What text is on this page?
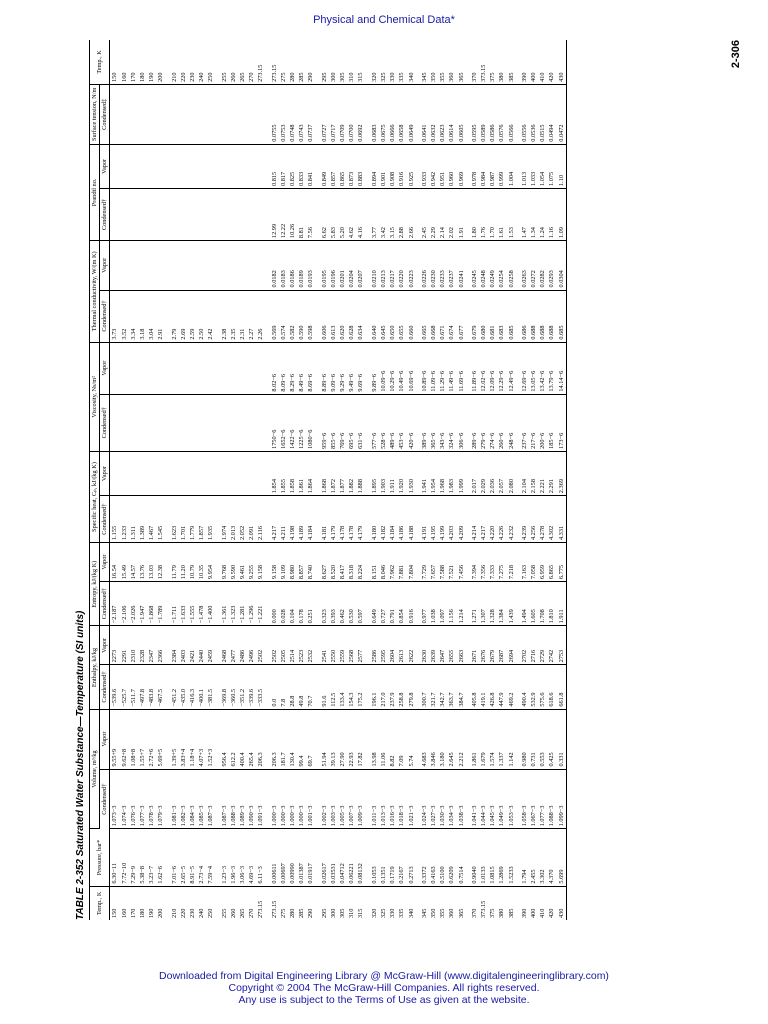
Physical and Chemical Data*
TABLE 2-352 Saturated Water Substance—Temperature (SI units) Temp., K	Pressure, bar*	Volume, m³/kg		Enthalpy, kJ/kg		Entropy, kJ/(kg K)		Specific heat, Cₚ, kJ/(kg K)		Viscosity, Ns/m²		Thermal conductivity, W/(m K)		Prandtl no.		Surface tension, N/m	Temp., K
		Condensed†	Vapor	Condensed†	Vapor	Condensed†	Vapor	Condensed†	Vapor	Condensed†	Vapor	Condensed†	Vapor	Condensed†	Vapor	Condensed‡	
150	6.30−11	1.073−3	9.55+9	−539.6	2273	−2.187	16.54	1.155				3.73					150
160	7.72−10	1.074−3	9.62+8	−525.7	2291	−2.106	15.49	1.233				3.52					160
170	7.29−9	1.076−3	1.08+8	−511.7	2310	−2.026	14.57	1.311				3.34					170
180	5.38−8	1.077−3	1.55+7	−497.8	2328	−1.947	13.76	1.389				3.18					180
190	3.23−7	1.078−3	2.72+6	−483.8	2347	−1.868	13.03	1.467				3.04					190
200	1.62−6	1.079−3	5.69+5	−467.5	2366	−1.789	12.38	1.545				2.91					200
210	7.01−6	1.081−3	1.39+5	−451.2	2384	−1.711	11.79	1.623				2.79					210
220	2.65−5	1.082−3	3.83+4	−435.0	2403	−1.633	11.20	1.701				2.69					220
230	8.91−5	1.084−3	1.18+4	−416.3	2421	−1.555	10.79	1.779				2.59					230
240	2.73−4	1.085−3	4.07+3	−400.1	2440	−1.478	10.35	1.857				2.50					240
250	7.59−4	1.087−3	1.52+3	−381.5	2459	−1.400	9.954	1.935				2.42					250
255	1.23−3	1.087−3	956.4	−369.8	2468	−1.361	9.768	1.974				2.38					255
260	1.96−3	1.088−3	612.2	−360.5	2477	−1.323	9.590	2.013				2.35					260
265	3.06−3	1.089−3	400.4	−351.2	2486	−1.281	9.461	2.052				2.31					265
270	4.69−3	1.090−3	265.4	−339.6	2496	−1.296	9.255	2.091				2.27					270
273.15	6.11−3	1.091−3	206.3	−333.5	2502	−1.221	9.158	2.116				2.26					273.15
273.15	0.00611	1.000−3	206.3	0.0	2502	0.000	9.158	4.217	1.854	1750−6	8.02−6	0.569	0.0182	12.99	0.815	0.0755	273.15
275	0.00697	1.000−3	181.7	7.8	2505	0.028	9.109	4.211	1.855	1652−6	8.09−6	0.574	0.0183	12.22	0.817	0.0753	275
280	0.00990	1.000−3	130.4	28.8	2514	0.104	8.980	4.198	1.858	1422−6	8.29−6	0.582	0.0186	10.26	0.825	0.0748	280
285	0.01387	1.000−3	99.4	49.8	2523	0.178	8.857	4.189	1.861	1225−6	8.49−6	0.590	0.0189	8.81	0.833	0.0743	285
290	0.01917	1.001−3	69.7	70.7	2532	0.251	8.740	4.184	1.864	1080−6	8.69−6	0.598	0.0193	7.56	0.841	0.0737	290
295	0.02617	1.002−3	51.94	91.6	2541	0.323	8.627	4.181	1.868	959−6	8.89−6	0.606	0.0195	6.62	0.849	0.0727	295
300	0.03531	1.003−3	39.13	112.5	2550	0.393	8.520	4.179	1.872	855−6	9.09−6	0.613	0.0196	5.83	0.857	0.0717	300
305	0.04712	1.005−3	27.90	133.4	2559	0.462	8.417	4.178	1.877	769−6	9.29−6	0.620	0.0201	5.20	0.865	0.0709	305
310	0.06221	1.007−3	22.93	154.3	2568	0.530	8.318	4.178	1.882	695−6	9.49−6	0.628	0.0204	4.62	0.873	0.0700	310
315	0.08132	1.009−3	17.82	175.2	2577	0.597	8.224	4.179	1.888	631−6	9.69−6	0.634	0.0207	4.16	0.883	0.0692	315
320	0.1053	1.011−3	13.98	196.1	2586	0.649	8.151	4.180	1.895	577−6	9.89−6	0.640	0.0210	3.77	0.894	0.0683	320
325	0.1351	1.013−3	11.06	217.0	2595	0.727	8.046	4.182	1.903	528−6	10.09−6	0.645	0.0213	3.42	0.901	0.0675	325
330	0.1719	1.016−3	8.82	237.9	2604	0.791	7.962	4.184	1.911	489−6	10.29−6	0.650	0.0217	3.15	0.908	0.0666	330
335	0.2167	1.018−3	7.09	258.8	2613	0.854	7.881	4.186	1.920	453−6	10.49−6	0.655	0.0220	2.88	0.916	0.0658	335
340	0.2713	1.021−3	5.74	279.8	2622	0.916	7.804	4.188	1.930	420−6	10.69−6	0.660	0.0223	2.66	0.925	0.0649	340
345	0.3372	1.024−3	4.683	300.7	2630	0.977	7.729	4.191	1.941	389−6	10.89−6	0.665	0.0226	2.45	0.933	0.0641	345
350	0.4163	1.027−3	3.846	321.7	2639	1.038	7.657	4.195	1.954	365−6	11.09−6	0.668	0.0230	2.29	0.942	0.0632	350
355	0.5100	1.030−3	3.180	342.7	2647	1.097	7.588	4.199	1.968	343−6	11.29−6	0.671	0.0233	2.14	0.951	0.0623	355
360	0.6209	1.034−3	2.645	363.7	2655	1.156	7.521	4.203	1.983	324−6	11.49−6	0.674	0.0237	2.02	0.960	0.0614	360
365	0.7514	1.038−3	2.212	384.7	2663	1.214	7.456	4.209	1.999	306−6	11.69−6	0.677	0.0241	1.91	0.969	0.0605	365
370	0.9040	1.041−3	1.861	405.8	2671	1.271	7.394	4.214	2.017	289−6	11.89−6	0.679	0.0245	1.80	0.978	0.0595	370
373.15	1.0133	1.044−3	1.679	419.1	2676	1.307	7.356	4.217	2.029	279−6	12.02−6	0.680	0.0248	1.76	0.984	0.0589	373.15
375	1.0815	1.045−3	1.574	426.8	2679	1.328	7.333	4.220	2.036	274−6	12.09−6	0.681	0.0249	1.70	0.987	0.0586	375
380	1.2869	1.049−3	1.337	447.9	2687	1.384	7.275	4.226	2.057	260−6	12.29−6	0.683	0.0254	1.61	0.999	0.0576	380
385	1.5233	1.053−3	1.142	469.2	2694	1.439	7.218	4.232	2.080	248−6	12.49−6	0.685	0.0258	1.53	1.004	0.0566	385
390	1.794	1.058−3	0.980	490.4	2702	1.494	7.163	4.239	2.104	237−6	12.69−6	0.686	0.0263	1.47	1.013	0.0556	390
400	2.455	1.067−3	0.731	532.9	2716	1.605	7.058	4.256	2.158	217−6	13.05−6	0.688	0.0272	1.34	1.033	0.0536	400
410	3.302	1.077−3	0.553	575.6	2729	1.708	6.959	4.278	2.221	200−6	13.42−6	0.688	0.0282	1.24	1.054	0.0515	410
420	4.370	1.088−3	0.425	618.6	2742	1.810	6.865	4.302	2.291	185−6	13.79−6	0.688	0.0293	1.16	1.075	0.0494	420
430	5.699	1.099−3	0.331	661.8	2753	1.911	6.775	4.331	2.369	173−6	14.14−6	0.685	0.0304	1.09	1.10	0.0472	430
2-306
Downloaded from Digital Engineering Library @ McGraw-Hill (www.digitalengineeringlibrary.com)
Copyright © 2004 The McGraw-Hill Companies. All rights reserved.
Any use is subject to the Terms of Use as given at the website.
